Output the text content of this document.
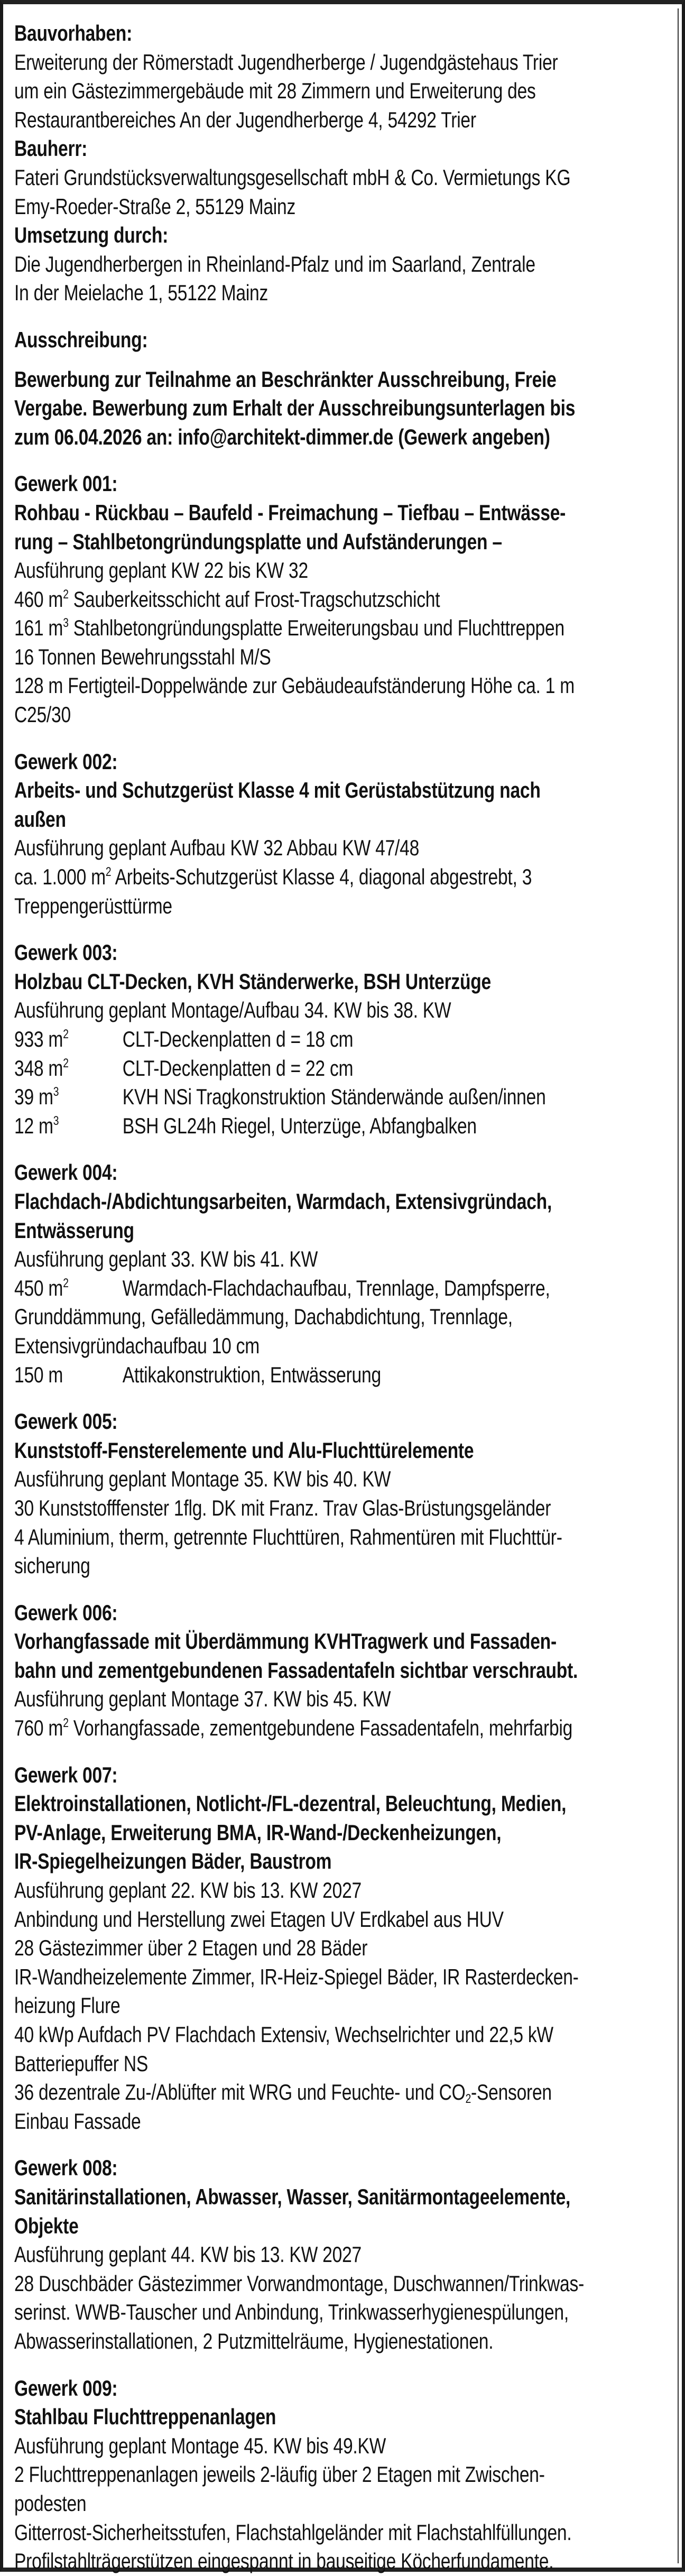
Bauvorhaben:
Erweiterung der Römerstadt Jugendherberge / Jugendgästehaus Trier
um ein Gästezimmergebäude mit 28 Zimmern und Erweiterung des
Restaurantbereiches An der Jugendherberge 4, 54292 Trier
Bauherr:
Fateri Grundstücksverwaltungsgesellschaft mbH & Co. Vermietungs KG
Emy-Roeder-Straße 2, 55129 Mainz
Umsetzung durch:
Die Jugendherbergen in Rheinland-Pfalz und im Saarland, Zentrale
In der Meielache 1, 55122 Mainz
Ausschreibung:
Bewerbung zur Teilnahme an Beschränkter Ausschreibung, Freie
Vergabe. Bewerbung zum Erhalt der Ausschreibungsunterlagen bis
zum 06.04.2026 an: info@architekt-dimmer.de (Gewerk angeben)
Gewerk 001:
Rohbau - Rückbau – Baufeld - Freimachung – Tiefbau – Entwässe-
rung – Stahlbetongründungsplatte und Aufständerungen –
Ausführung geplant KW 22 bis KW 32
460 $m^2$ Sauberkeitsschicht auf Frost-Tragschutzschicht
161 $m^3$ Stahlbetongründungsplatte Erweiterungsbau und Fluchttreppen
16 Tonnen Bewehrungsstahl M/S
128 m Fertigteil-Doppelwände zur Gebäudeaufständerung Höhe ca. 1 m
C25/30
Gewerk 002:
Arbeits- und Schutzgerüst Klasse 4 mit Gerüstabstützung nach
außen
Ausführung geplant Aufbau KW 32 Abbau KW 47/48
ca. 1.000 $m^2$ Arbeits-Schutzgerüst Klasse 4, diagonal abgestrebt, 3
Treppengerüsttürme
Gewerk 003:
Holzbau CLT-Decken, KVH Ständerwerke, BSH Unterzüge
Ausführung geplant Montage/Aufbau 34. KW bis 38. KW
933 $m^2$ CLT-Deckenplatten d = 18 cm
348 $m^2$ CLT-Deckenplatten d = 22 cm
39 $m^3$	KVH NSi Tragkonstruktion Ständerwände außen/innen
12 $m^3$	BSH GL24h Riegel, Unterzüge, Abfangbalken
Gewerk 004:
Flachdach-/Abdichtungsarbeiten, Warmdach, Extensivgründach,
Entwässerung
Ausführung geplant 33. KW bis 41. KW
450 $m^2$ Warmdach-Flachdachaufbau, Trennlage, Dampfsperre,
Grunddämmung, Gefälledämmung, Dachabdichtung, Trennlage,
Extensivgründachaufbau 10 cm
150 m	Attikakonstruktion, Entwässerung
Gewerk 005:
Kunststoff-Fensterelemente und Alu-Fluchttürelemente
Ausführung geplant Montage 35. KW bis 40. KW
30 Kunststofffenster 1flg. DK mit Franz. Trav Glas-Brüstungsgeländer
4 Aluminium, therm, getrennte Fluchttüren, Rahmentüren mit Fluchttür-
sicherung
Gewerk 006:
Vorhangfassade mit Überdämmung KVHTragwerk und Fassaden-
bahn und zementgebundenen Fassadentafeln sichtbar verschraubt.
Ausführung geplant Montage 37. KW bis 45. KW
760 $m^2$ Vorhangfassade, zementgebundene Fassadentafeln, mehrfarbig
Gewerk 007:
Elektroinstallationen, Notlicht-/FL-dezentral, Beleuchtung, Medien,
PV-Anlage, Erweiterung BMA, IR-Wand-/Deckenheizungen,
IR-Spiegelheizungen Bäder, Baustrom
Ausführung geplant 22. KW bis 13. KW 2027
Anbindung und Herstellung zwei Etagen UV Erdkabel aus HUV
28 Gästezimmer über 2 Etagen und 28 Bäder
IR-Wandheizelemente Zimmer, IR-Heiz-Spiegel Bäder, IR Rasterdecken-
heizung Flure
40 kWp Aufdach PV Flachdach Extensiv, Wechselrichter und 22,5 kW
Batteriepuffer NS
36 dezentrale Zu-/Ablüfter mit WRG und Feuchte- und $CO_2$-Sensoren
Einbau Fassade
Gewerk 008:
Sanitärinstallationen, Abwasser, Wasser, Sanitärmontageelemente,
Objekte
Ausführung geplant 44. KW bis 13. KW 2027
28 Duschbäder Gästezimmer Vorwandmontage, Duschwannen/Trinkwas-
serinst. WWB-Tauscher und Anbindung, Trinkwasserhygienespülungen,
Abwasserinstallationen, 2 Putzmittelräume, Hygienestationen.
Gewerk 009:
Stahlbau Fluchttreppenanlagen
Ausführung geplant Montage 45. KW bis 49.KW
2 Fluchttreppenanlagen jeweils 2-läufig über 2 Etagen mit Zwischen-
podesten
Gitterrost-Sicherheitsstufen, Flachstahlgeländer mit Flachstahlfüllungen.
Profilstahlträgerstützen eingespannt in bauseitige Köcherfundamente.
